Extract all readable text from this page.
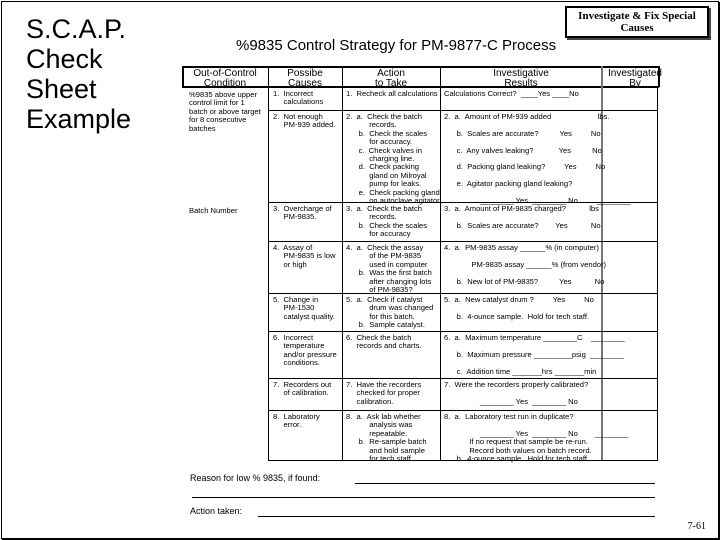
S.C.A.P.
Check
Sheet
Example
Investigate & Fix Special Causes
%9835 Control Strategy for PM-9877-C Process
Out-of-Control
Condition
Possibe
Causes
Action
to Take
Investigative
Results
Investigated
By
%9835 above upper
control limit for 1
batch or above target
for 8 consecutive
batches
Batch Number
1.  Incorrect
calculations
1.  Recheck all calculations Calculations Correct?  ____Yes ____No
2.  Not enough
PM-939 added.
2.  a.  Check the batch
records.
b.  Check the scales
for accuracy.
c.  Check valves in
charging line.
d.  Check packing
gland on Milroyal
pump for leaks.
e.  Check packing gland
on autoclave agitator.
2.  a.  Amount of PM-939 added                      lbs.

b.  Scales are accurate?          Yes         No

c.  Any valves leaking?            Yes          No

d.  Packing gland leaking?         Yes         No

e.  Agitator packing gland leaking?

________ Yes  ________ No         ________
3.  Overcharge of
PM-9835.
3.  a.  Check the batch
records.
b.  Check the scales
for accuracy
3.  a.  Amount of PM-9835 charged?           lbs

b.  Scales are accurate?        Yes           No
4.  Assay of
PM-9835 is low
or high
4.  a.  Check the assay
of the PM-9835
used in computer
b.  Was the first batch
after changing lots
of PM-9835?
4.  a.  PM-9835 assay ______% (in computer)

PM-9835 assay ______% (from vendor)

b.  New lot of PM-9835?          Yes           No
5.  Change in
PM-1530
catalyst quality.
5.  a.  Check if catalyst
drum was changed
for this batch.
b.  Sample catalyst.
5.  a.  New catalyst drum ?         Yes         No

b.  4-ounce sample.  Hold for tech staff.
6.  Incorrect
temperature
and/or pressure
conditions.
6.  Check the batch
records and charts.
6.  a.  Maximum temperature ________C    ________

b.  Maximum pressure _________psig  ________

c.  Addition time _______hrs _______min
7.  Recorders out
of calibration.
7.  Have the recorders
checked for proper
calibration.
7.  Were the recorders properly calibrated?

________ Yes  ________ No
8.  Laboratory
error.
8.  a.  Ask lab whether
analysis was
repeatable.
b.  Re-sample batch
and hold sample
for tech staff
8.  a.  Laboratory test run in duplicate?

________ Yes  ________ No        ________
If no request that sample be re-run.
Record both values on batch record.
b.  4-ounce sample.  Hold for tech staff
Reason for low % 9835, if found:
Action taken:
7-61
